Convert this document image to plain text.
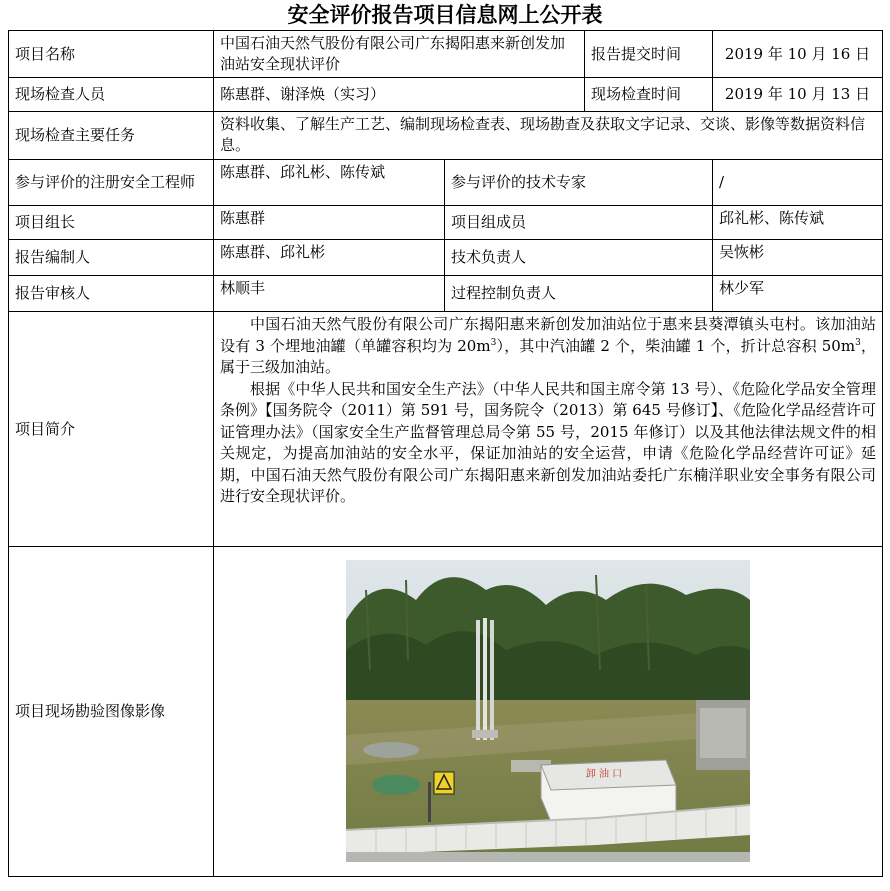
安全评价报告项目信息网上公开表
项目名称	中国石油天然气股份有限公司广东揭阳惠来新创发加油站安全现状评价		报告提交时间	2019 年 10 月 16 日
现场检查人员	陈惠群、谢泽焕（实习）		现场检查时间	2019 年 10 月 13 日
现场检查主要任务	资料收集、了解生产工艺、编制现场检查表、现场勘查及获取文字记录、交谈、影像等数据资料信息。			
参与评价的注册安全工程师	陈惠群、邱礼彬、陈传斌	参与评价的技术专家		/
项目组长	陈惠群	项目组成员		邱礼彬、陈传斌
报告编制人	陈惠群、邱礼彬	技术负责人		吴恢彬
报告审核人	林顺丰	过程控制负责人		林少军
项目简介	中国石油天然气股份有限公司广东揭阳惠来新创发加油站位于惠来县葵潭镇头屯村。该加油站设有 3 个埋地油罐（单罐容积均为 $20m^3$），其中汽油罐 2 个，柴油罐 1 个，折计总容积 $50m^3$，属于三级加油站。

根据《中华人民共和国安全生产法》（中华人民共和国主席令第 13 号）、《危险化学品安全管理条例》【国务院令（2011）第 591 号，国务院令（2013）第 645 号修订】、《危险化学品经营许可证管理办法》（国家安全生产监督管理总局令第 55 号，2015 年修订）以及其他法律法规文件的相关规定，为提高加油站的安全水平，保证加油站的安全运营，申请《危险化学品经营许可证》延期，中国石油天然气股份有限公司广东揭阳惠来新创发加油站委托广东楠洋职业安全事务有限公司进行安全现状评价。			

项目现场勘验图像影像	卸 油 口			
